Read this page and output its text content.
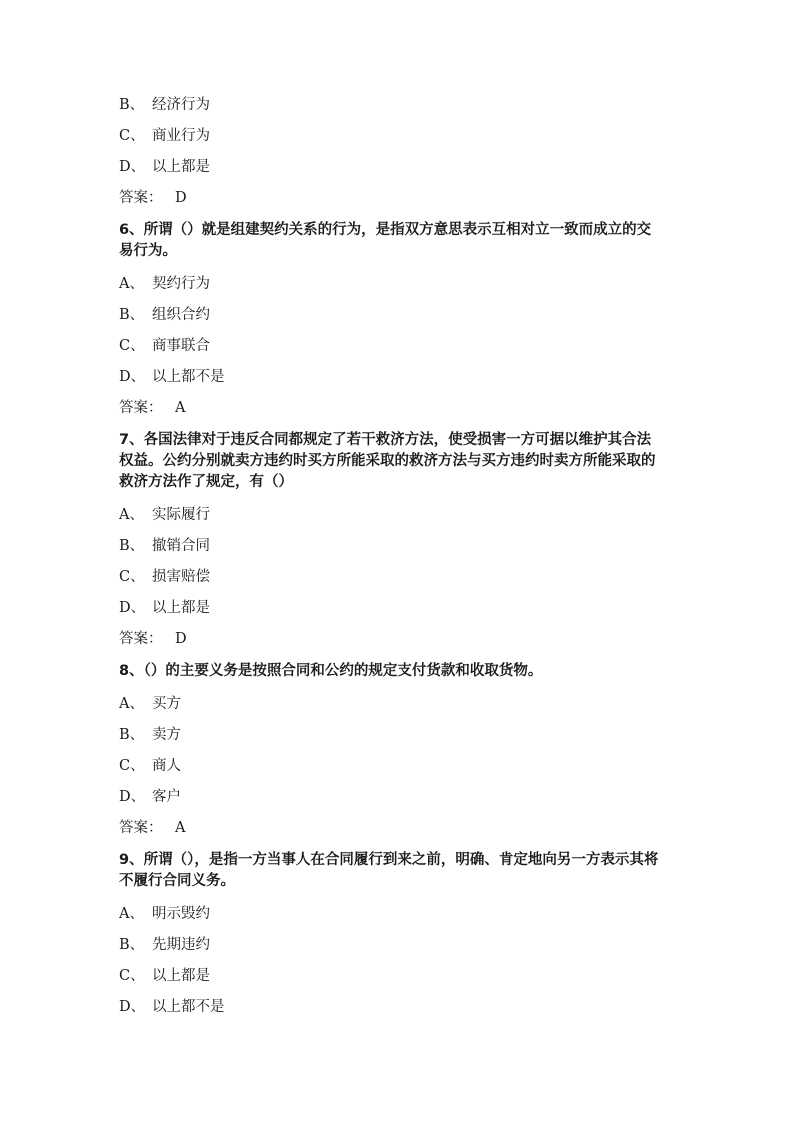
B、 经济行为
C、 商业行为
D、 以上都是
答案： D
6、所谓（）就是组建契约关系的行为，是指双方意思表示互相对立一致而成立的交易行为。
A、 契约行为
B、 组织合约
C、 商事联合
D、 以上都不是
答案： A
7、各国法律对于违反合同都规定了若干救济方法，使受损害一方可据以维护其合法权益。公约分别就卖方违约时买方所能采取的救济方法与买方违约时卖方所能采取的救济方法作了规定，有（）
A、 实际履行
B、 撤销合同
C、 损害赔偿
D、 以上都是
答案： D
8、（）的主要义务是按照合同和公约的规定支付货款和收取货物。
A、 买方
B、 卖方
C、 商人
D、 客户
答案： A
9、所谓（），是指一方当事人在合同履行到来之前，明确、肯定地向另一方表示其将不履行合同义务。
A、 明示毁约
B、 先期违约
C、 以上都是
D、 以上都不是
